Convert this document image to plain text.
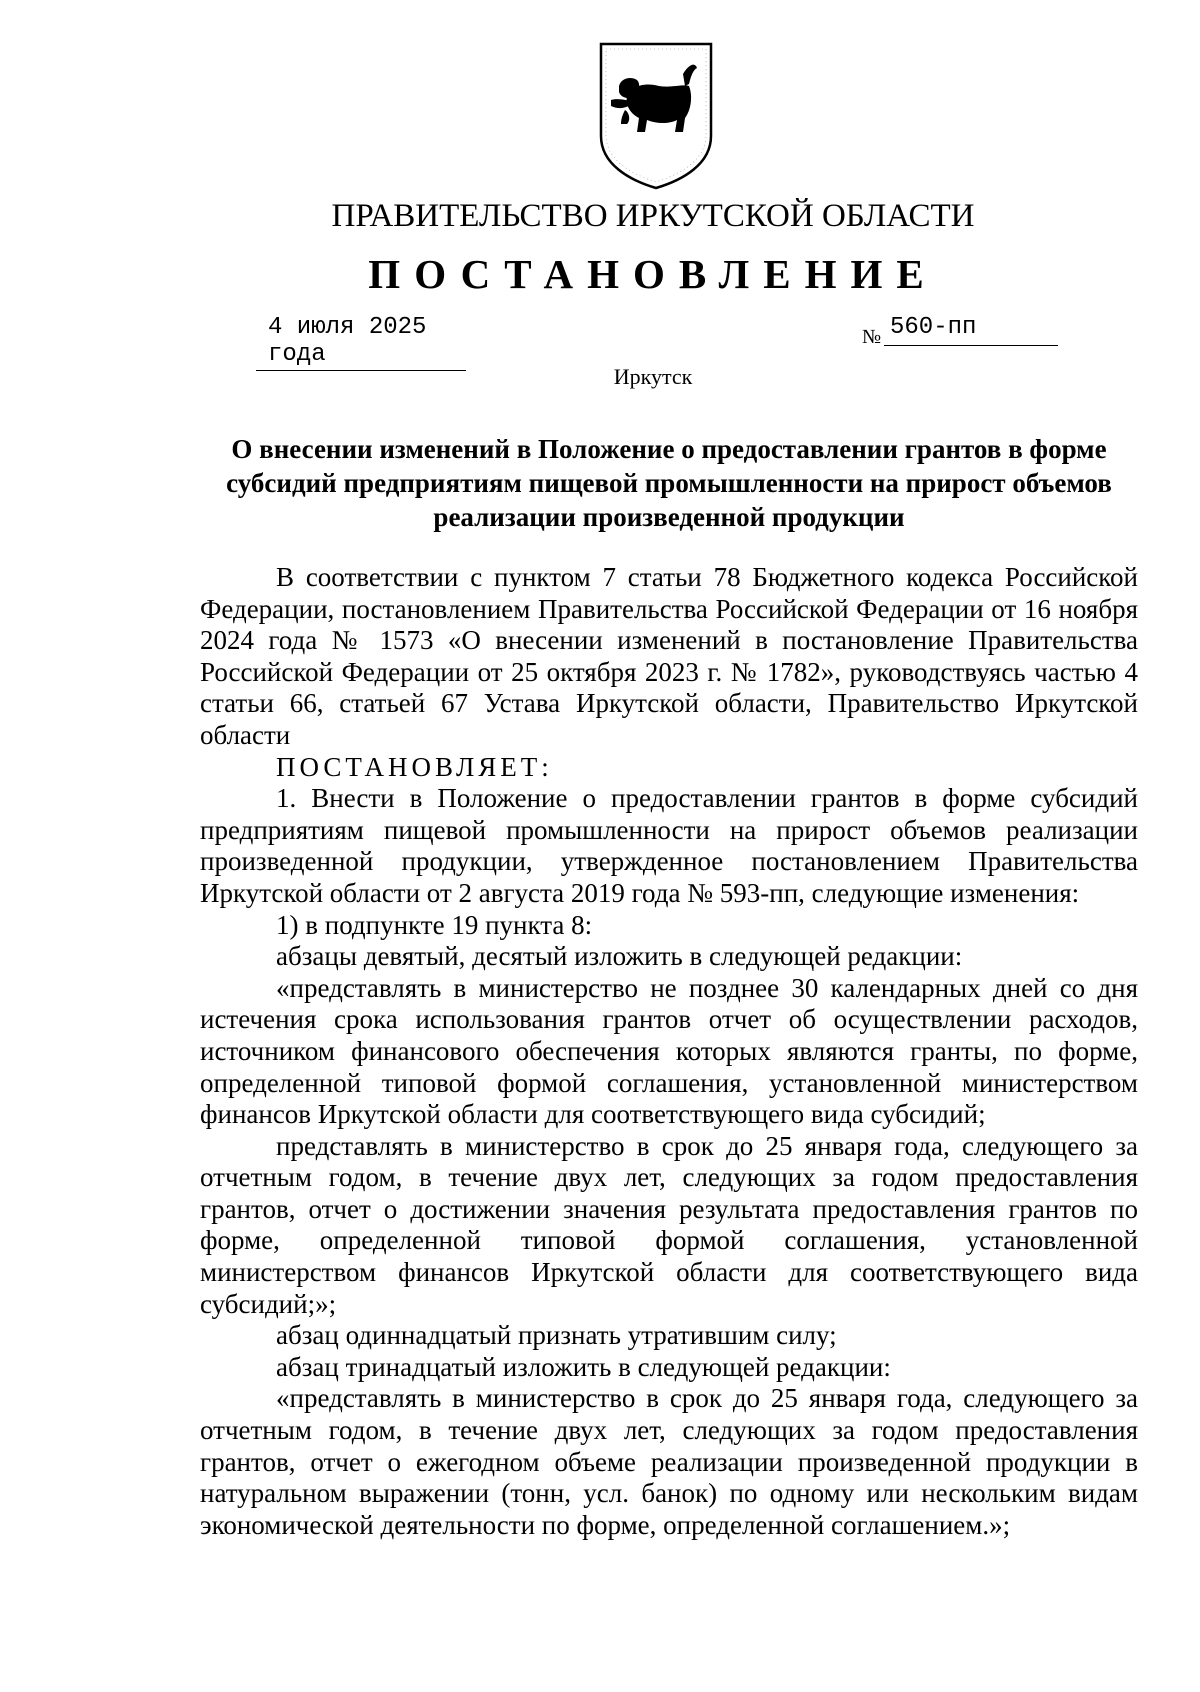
ПРАВИТЕЛЬСТВО ИРКУТСКОЙ ОБЛАСТИ
ПОСТАНОВЛЕНИЕ
4 июля 2025 года
№ 560-пп
Иркутск
О внесении изменений в Положение о предоставлении грантов в форме субсидий предприятиям пищевой промышленности на прирост объемов реализации произведенной продукции

В соответствии с пунктом 7 статьи 78 Бюджетного кодекса Российской Федерации, постановлением Правительства Российской Федерации от 16 ноября 2024 года № 1573 «О внесении изменений в постановление Правительства Российской Федерации от 25 октября 2023 г. № 1782», руководствуясь частью 4 статьи 66, статьей 67 Устава Иркутской области, Правительство Иркутской области

ПОСТАНОВЛЯЕТ:

1. Внести в Положение о предоставлении грантов в форме субсидий предприятиям пищевой промышленности на прирост объемов реализации произведенной продукции, утвержденное постановлением Правительства Иркутской области от 2 августа 2019 года № 593-пп, следующие изменения:

1) в подпункте 19 пункта 8:

абзацы девятый, десятый изложить в следующей редакции:

«представлять в министерство не позднее 30 календарных дней со дня истечения срока использования грантов отчет об осуществлении расходов, источником финансового обеспечения которых являются гранты, по форме, определенной типовой формой соглашения, установленной министерством финансов Иркутской области для соответствующего вида субсидий;

представлять в министерство в срок до 25 января года, следующего за отчетным годом, в течение двух лет, следующих за годом предоставления грантов, отчет о достижении значения результата предоставления грантов по форме, определенной типовой формой соглашения, установленной министерством финансов Иркутской области для соответствующего вида субсидий;»;

абзац одиннадцатый признать утратившим силу;

абзац тринадцатый изложить в следующей редакции:

«представлять в министерство в срок до 25 января года, следующего за отчетным годом, в течение двух лет, следующих за годом предоставления грантов, отчет о ежегодном объеме реализации произведенной продукции в натуральном выражении (тонн, усл. банок) по одному или нескольким видам экономической деятельности по форме, определенной соглашением.»;
